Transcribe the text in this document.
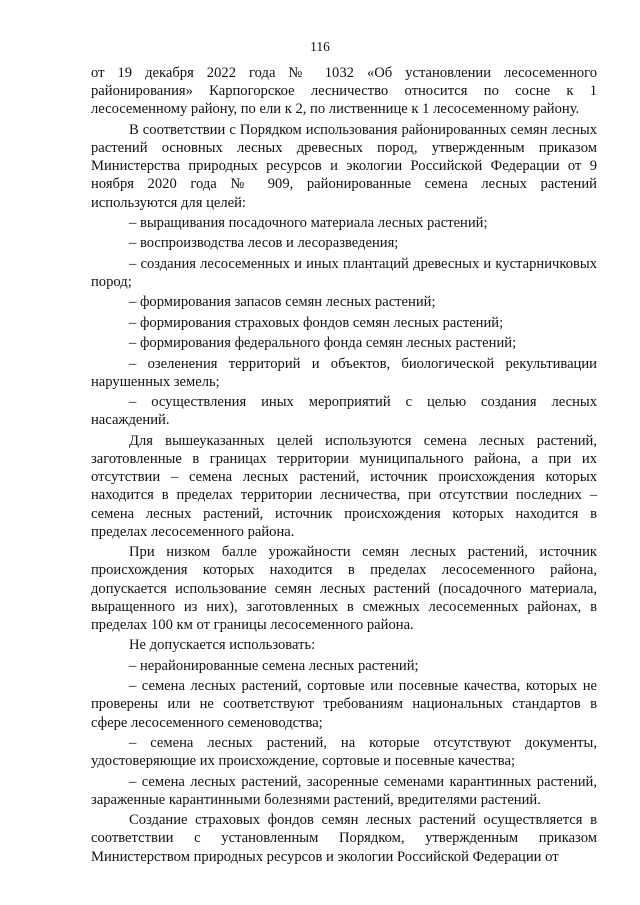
116

от 19 декабря 2022 года № 1032 «Об установлении лесосеменного районирования» Карпогорское лесничество относится по сосне к 1 лесосеменному району, по ели к 2, по лиственнице к 1 лесосеменному району.

В соответствии с Порядком использования районированных семян лесных растений основных лесных древесных пород, утвержденным приказом Министерства природных ресурсов и экологии Российской Федерации от 9 ноября 2020 года № 909, районированные семена лесных растений используются для целей:

– выращивания посадочного материала лесных растений;

– воспроизводства лесов и лесоразведения;

– создания лесосеменных и иных плантаций древесных и кустарничковых пород;

– формирования запасов семян лесных растений;

– формирования страховых фондов семян лесных растений;

– формирования федерального фонда семян лесных растений;

– озеленения территорий и объектов, биологической рекультивации нарушенных земель;

– осуществления иных мероприятий с целью создания лесных насаждений.

Для вышеуказанных целей используются семена лесных растений, заготовленные в границах территории муниципального района, а при их отсутствии – семена лесных растений, источник происхождения которых находится в пределах территории лесничества, при отсутствии последних – семена лесных растений, источник происхождения которых находится в пределах лесосеменного района.

При низком балле урожайности семян лесных растений, источник происхождения которых находится в пределах лесосеменного района, допускается использование семян лесных растений (посадочного материала, выращенного из них), заготовленных в смежных лесосеменных районах, в пределах 100 км от границы лесосеменного района.

Не допускается использовать:

– нерайонированные семена лесных растений;

– семена лесных растений, сортовые или посевные качества, которых не проверены или не соответствуют требованиям национальных стандартов в сфере лесосеменного семеноводства;

– семена лесных растений, на которые отсутствуют документы, удостоверяющие их происхождение, сортовые и посевные качества;

– семена лесных растений, засоренные семенами карантинных растений, зараженные карантинными болезнями растений, вредителями растений.

Создание страховых фондов семян лесных растений осуществляется в соответствии с установленным Порядком, утвержденным приказом Министерством природных ресурсов и экологии Российской Федерации от
